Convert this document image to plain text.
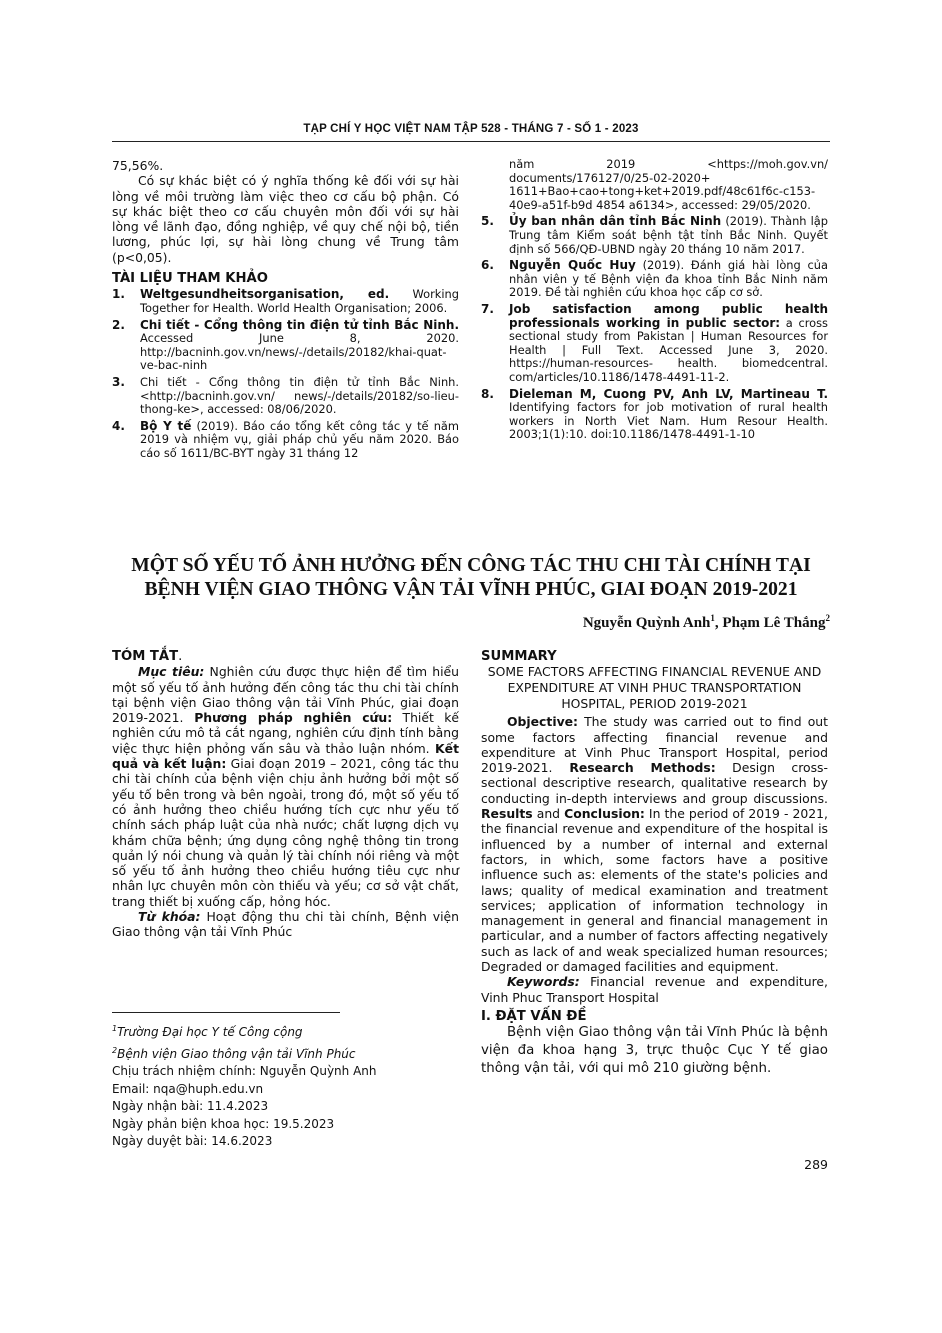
TẠP CHÍ Y HỌC VIỆT NAM TẬP 528 - THÁNG 7 - SỐ 1 - 2023

75,56%.

Có sự khác biệt có ý nghĩa thống kê đối với sự hài lòng về môi trường làm việc theo cơ cấu bộ phận. Có sự khác biệt theo cơ cấu chuyên môn đối với sự hài lòng về lãnh đạo, đồng nghiệp, về quy chế nội bộ, tiền lương, phúc lợi, sự hài lòng chung về Trung tâm (p<0,05).

TÀI LIỆU THAM KHẢO

1. Weltgesundheitsorganisation, ed. Working Together for Health. World Health Organisation; 2006.
2. Chi tiết - Cổng thông tin điện tử tỉnh Bắc Ninh. Accessed June 8, 2020. http://bacninh.gov.vn/news/-/details/20182/khai-quat-ve-bac-ninh
3. Chi tiết - Cổng thông tin điện tử tỉnh Bắc Ninh. <http://bacninh.gov.vn/ news/-/details/20182/so-lieu-thong-ke>, accessed: 08/06/2020.
4. Bộ Y tế (2019). Báo cáo tổng kết công tác y tế năm 2019 và nhiệm vụ, giải pháp chủ yếu năm 2020. Báo cáo số 1611/BC-BYT ngày 31 tháng 12
năm 2019 <https://moh.gov.vn/ documents/176127/0/25-02-2020+ 1611+Bao+cao+tong+ket+2019.pdf/48c61f6c-c153-40e9-a51f-b9d 4854 a6134>, accessed: 29/05/2020.
5. Ủy ban nhân dân tỉnh Bắc Ninh (2019). Thành lập Trung tâm Kiểm soát bệnh tật tỉnh Bắc Ninh. Quyết định số 566/QĐ-UBND ngày 20 tháng 10 năm 2017.
6. Nguyễn Quốc Huy (2019). Đánh giá hài lòng của nhân viên y tế Bệnh viện đa khoa tỉnh Bắc Ninh năm 2019. Đề tài nghiên cứu khoa học cấp cơ sở.
7. Job satisfaction among public health professionals working in public sector: a cross sectional study from Pakistan | Human Resources for Health | Full Text. Accessed June 3, 2020. https://human-resources- health. biomedcentral. com/articles/10.1186/1478-4491-11-2.
8. Dieleman M, Cuong PV, Anh LV, Martineau T. Identifying factors for job motivation of rural health workers in North Viet Nam. Hum Resour Health. 2003;1(1):10. doi:10.1186/1478-4491-1-10
MỘT SỐ YẾU TỐ ẢNH HƯỞNG ĐẾN CÔNG TÁC THU CHI TÀI CHÍNH TẠI
BỆNH VIỆN GIAO THÔNG VẬN TẢI VĨNH PHÚC, GIAI ĐOẠN 2019-2021
Nguyễn Quỳnh Anh$^1$, Phạm Lê Thắng$^2$

TÓM TẮT.

Mục tiêu: Nghiên cứu được thực hiện để tìm hiểu một số yếu tố ảnh hưởng đến công tác thu chi tài chính tại bệnh viện Giao thông vận tải Vĩnh Phúc, giai đoạn 2019-2021. Phương pháp nghiên cứu: Thiết kế nghiên cứu mô tả cắt ngang, nghiên cứu định tính bằng việc thực hiện phỏng vấn sâu và thảo luận nhóm. Kết quả và kết luận: Giai đoạn 2019 – 2021, công tác thu chi tài chính của bệnh viện chịu ảnh hưởng bởi một số yếu tố bên trong và bên ngoài, trong đó, một số yếu tố có ảnh hưởng theo chiều hướng tích cực như yếu tố chính sách pháp luật của nhà nước; chất lượng dịch vụ khám chữa bệnh; ứng dụng công nghệ thông tin trong quản lý nói chung và quản lý tài chính nói riêng và một số yếu tố ảnh hưởng theo chiều hướng tiêu cực như nhân lực chuyên môn còn thiếu và yếu; cơ sở vật chất, trang thiết bị xuống cấp, hỏng hóc.

Từ khóa: Hoạt động thu chi tài chính, Bệnh viện Giao thông vận tải Vĩnh Phúc

$^1$Trường Đại học Y tế Công cộng
$^2$Bệnh viện Giao thông vận tải Vĩnh Phúc
Chịu trách nhiệm chính: Nguyễn Quỳnh Anh
Email: nqa@huph.edu.vn
Ngày nhận bài: 11.4.2023
Ngày phản biện khoa học: 19.5.2023
Ngày duyệt bài: 14.6.2023

SUMMARY

SOME FACTORS AFFECTING FINANCIAL REVENUE AND EXPENDITURE AT VINH PHUC TRANSPORTATION HOSPITAL, PERIOD 2019-2021

Objective: The study was carried out to find out some factors affecting financial revenue and expenditure at Vinh Phuc Transport Hospital, period 2019-2021. Research Methods: Design cross-sectional descriptive research, qualitative research by conducting in-depth interviews and group discussions. Results and Conclusion: In the period of 2019 - 2021, the financial revenue and expenditure of the hospital is influenced by a number of internal and external factors, in which, some factors have a positive influence such as: elements of the state's policies and laws; quality of medical examination and treatment services; application of information technology in management in general and financial management in particular, and a number of factors affecting negatively such as lack of and weak specialized human resources; Degraded or damaged facilities and equipment.

Keywords: Financial revenue and expenditure, Vinh Phuc Transport Hospital

I. ĐẶT VẤN ĐỀ

Bệnh viện Giao thông vận tải Vĩnh Phúc là bệnh viện đa khoa hạng 3, trực thuộc Cục Y tế giao thông vận tải, với qui mô 210 giường bệnh.

289
